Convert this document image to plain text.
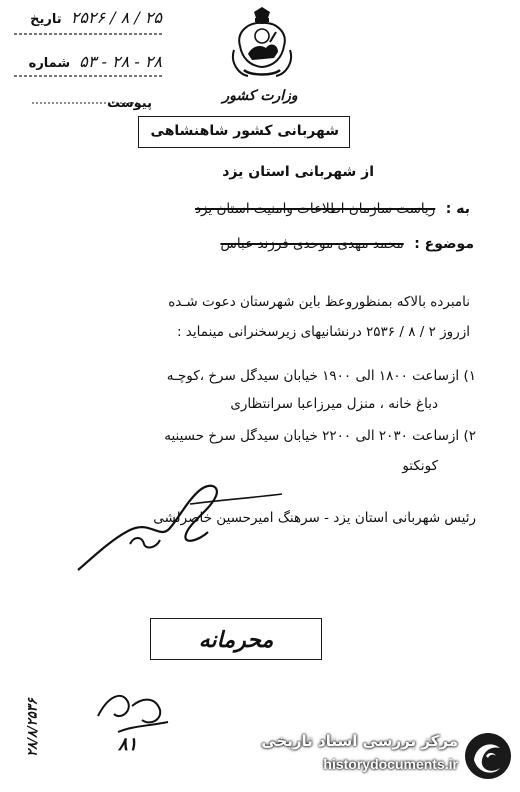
۲۵ / ۸ / ۲۵۲۶ تاریخ
۲۸ - ۲۸ - ۵۳ شماره
پیوست	وزارت کشور
شهربانی کشور شاهنشاهی
از شهربانی استان یزد
به : ریاست سازمان اطلاعات وامنیت استان یزد
موضوع : محمد مهدی موحدی فرزند عباس
نامبرده بالاکه بمنظوروعظ باین شهرستان دعوت شـده
ازروز ۲ / ۸ / ۲۵۳۶ درنشانیهای زیرسخنرانی مینماید :
۱) ازساعت ۱۸۰۰ الی ۱۹۰۰ خیابان سیدگل سرخ ،کوچـه
دباغ خانه ، منزل میرزاعبا سرانتظاری
۲) ازساعت ۲۰۳۰ الی ۲۲۰۰ خیابان سیدگل سرخ حسینیه
کونکتو
رئیس شهربانی استان یزد - سرهنگ امیرحسین خاصرلشی
محرمانه
۲۸/۸/۲۵۳۶	۸۱	مرکز بررسی اسناد تاریخی
historydocuments.ir
